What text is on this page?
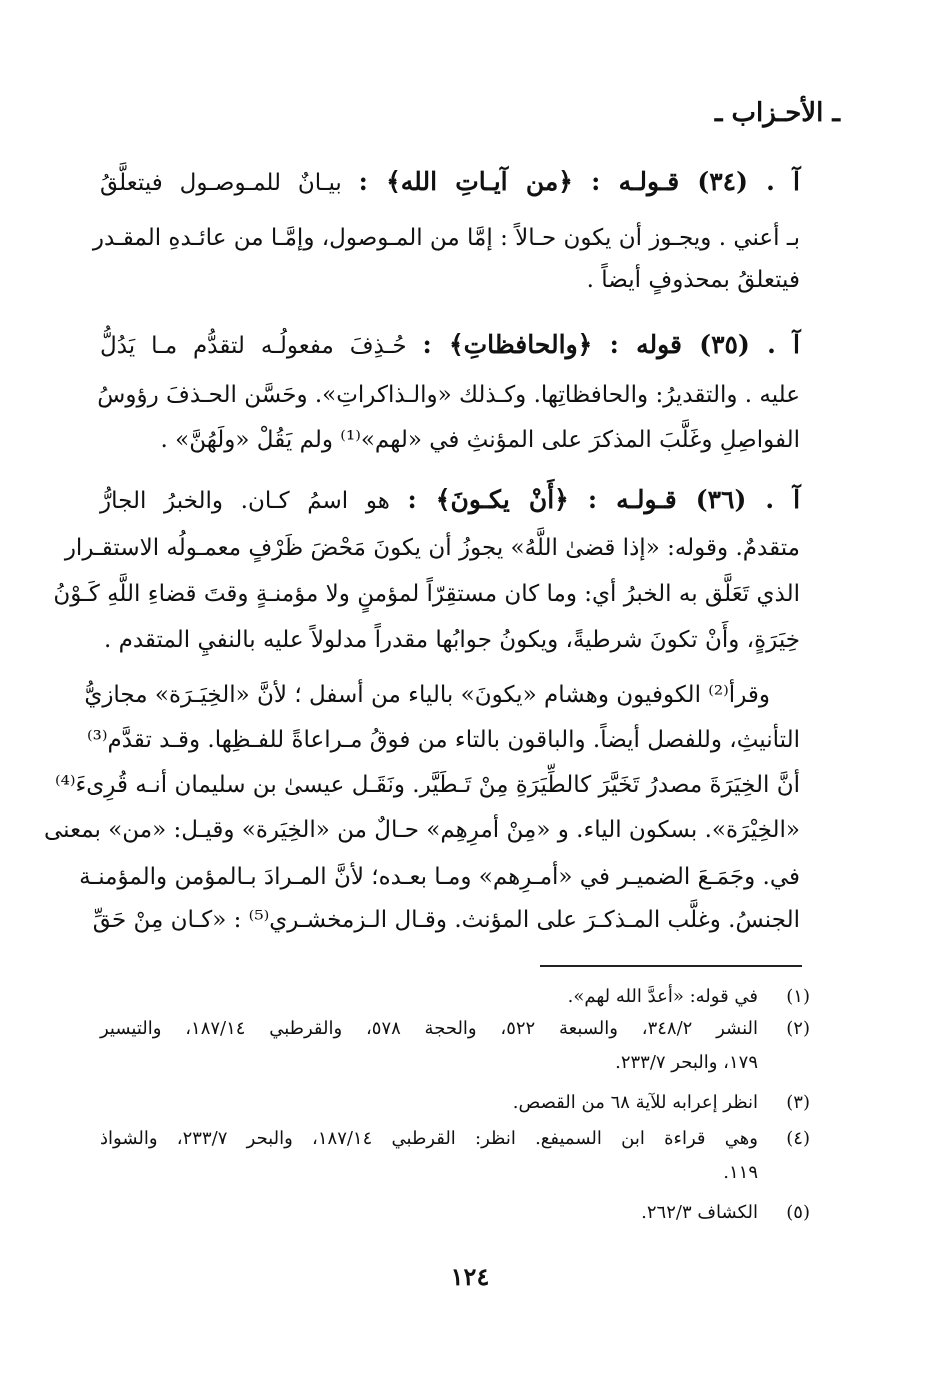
ـ الأحـزاب ـ
آ . (٣٤) قـولـه : ﴿من آيـاتِ الله﴾ : بيـانٌ للمـوصـول فيتعلَّقُ
بـ أعني . ويجـوز أن يكون حـالاً : إمَّا من المـوصول، وإمَّـا من عائـدهِ المقـدر
فيتعلقُ بمحذوفٍ أيضاً .
آ . (٣٥) قوله : ﴿والحافظاتِ﴾ : حُـذِفَ مفعولُـه لتقدُّم مـا يَدُلُّ
عليه . والتقديرُ: والحافظاتِها. وكـذلك «والـذاكراتِ». وحَسَّن الحـذفَ رؤوسُ
الفواصِلِ وغَلَّبَ المذكرَ على المؤنثِ في «لهم»⁽¹⁾ ولم يَقُلْ «ولَهُنَّ» .
آ . (٣٦) قـولـه : ﴿أَنْ يكـونَ﴾ : هو اسمُ كـان. والخبرُ الجارُّ
متقدمٌ. وقوله: «إذا قضىٰ اللَّهُ» يجوزُ أن يكونَ مَحْضَ ظَرْفٍ معمـولُه الاستقـرار
الذي تَعَلَّق به الخبرُ أي: وما كان مستقِرّاً لمؤمنٍ ولا مؤمنـةٍ وقتَ قضاءِ اللَّهِ كَـوْنُ
خِيَرَةٍ، وأَنْ تكونَ شرطيةً، ويكونُ جوابُها مقدراً مدلولاً عليه بالنفيِ المتقدم .
وقرأ⁽²⁾ الكوفيون وهشام «يكونَ» بالياء من أسفل ؛ لأنَّ «الخِيَـرَة» مجازيُّ
التأنيثِ، وللفصل أيضاً. والباقون بالتاء من فوقُ مـراعاةً للفـظِها. وقـد تقدَّم⁽³⁾
أنَّ الخِيَرَةَ مصدرُ تَخَيَّرَ كالطِّيَرَةِ مِنْ تَـطَيَّر. ونَقَـل عيسىٰ بن سليمان أنـه قُرِىءَ⁽⁴⁾
«الخِيْرَة». بسكون الياء. و «مِنْ أمرِهِم» حـالٌ من «الخِيَرة» وقيـل: «من» بمعنى
في. وجَمَـعَ الضميـر في «أمـرِهم» ومـا بعـده؛ لأنَّ المـرادَ بـالمؤمن والمؤمنـة
الجنسُ. وغلَّب المـذكـرَ على المؤنث. وقـال الـزمخشـري⁽⁵⁾ : «كـان مِنْ حَقِّ
(١)
في قوله: «أعدَّ الله لهم».
(٢)
النشر ٣٤٨/٢، والسبعة ٥٢٢، والحجة ٥٧٨، والقرطبي ١٨٧/١٤، والتيسير
١٧٩، والبحر ٢٣٣/٧.
(٣)
انظر إعرابه للآية ٦٨ من القصص.
(٤)
وهي قراءة ابن السميفع. انظر: القرطبي ١٨٧/١٤، والبحر ٢٣٣/٧، والشواذ
١١٩.
(٥)
الكشاف ٢٦٢/٣.
١٢٤
